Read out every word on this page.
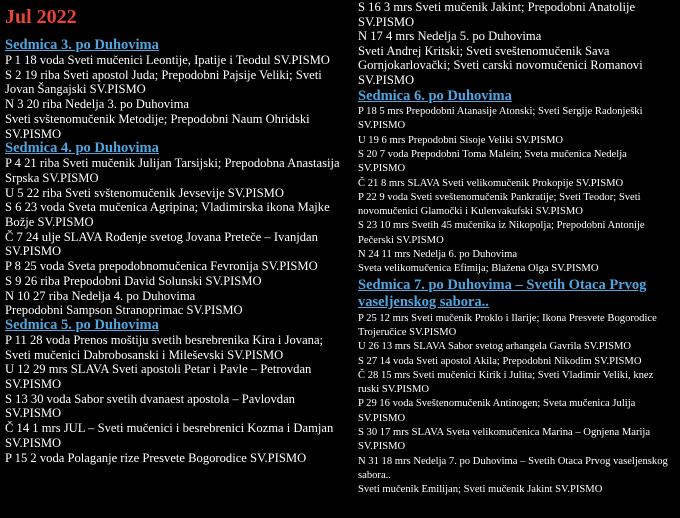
Jul 2022
Sedmica 3. po Duhovima
P 1 18 voda Sveti mučenici Leontije, Ipatije i Teodul SV.PISMO
S 2 19 riba Sveti apostol Juda; Prepodobni Pajsije Veliki; Sveti Jovan Šangajski SV.PISMO
N 3 20 riba Nedelja 3. po Duhovima
Sveti svštenomučenik Metodije; Prepodobni Naum Ohridski SV.PISMO
Sedmica 4. po Duhovima
P 4 21 riba Sveti mučenik Julijan Tarsijski; Prepodobna Anastasija Srpska SV.PISMO
U 5 22 riba Sveti svštenomučenik Jevsevije SV.PISMO
S 6 23 voda Sveta mučenica Agripina; Vladimirska ikona Majke Božje SV.PISMO
Č 7 24 ulje SLAVA Rođenje svetog Jovana Preteče – Ivanjdan SV.PISMO
P 8 25 voda Sveta prepodobnomučenica Fevronija SV.PISMO
S 9 26 riba Prepodobni David Solunski SV.PISMO
N 10 27 riba Nedelja 4. po Duhovima
Prepodobni Sampson Stranoprimac SV.PISMO
Sedmica 5. po Duhovima
P 11 28 voda Prenos moštiju svetih besrebrenika Kira i Jovana; Sveti mučenici Dabrobosanski i Mileševski SV.PISMO
U 12 29 mrs SLAVA Sveti apostoli Petar i Pavle – Petrovdan SV.PISMO
S 13 30 voda Sabor svetih dvanaest apostola – Pavlovdan SV.PISMO
Č 14 1 mrs JUL – Sveti mučenici i besrebrenici Kozma i Damjan SV.PISMO
P 15 2 voda Polaganje rize Presvete Bogorodice SV.PISMO
S 16 3 mrs Sveti mučenik Jakint; Prepodobni Anatolije SV.PISMO
N 17 4 mrs Nedelja 5. po Duhovima
Sveti Andrej Kritski; Sveti sveštenomučenik Sava Gornjokarlovački; Sveti carski novomučenici Romanovi SV.PISMO
Sedmica 6. po Duhovima
P 18 5 mrs Prepodobni Atanasije Atonski; Sveti Sergije Radonješki SV.PISMO
U 19 6 mrs Prepodobni Sisoje Veliki SV.PISMO
S 20 7 voda Prepodobni Toma Malein; Sveta mučenica Nedelja SV.PISMO
Č 21 8 mrs SLAVA Sveti velikomučenik Prokopije SV.PISMO
P 22 9 voda Sveti sveštenomučenik Pankratije; Sveti Teodor; Sveti novomučenici Glamočki i Kulenvakufski SV.PISMO
S 23 10 mrs Svetih 45 mučenika iz Nikopolja; Prepodobni Antonije Pečerski SV.PISMO
N 24 11 mrs Nedelja 6. po Duhovima
Sveta velikomučenica Efimija; Blažena Olga SV.PISMO
Sedmica 7. po Duhovima – Svetih Otaca Prvog vaseljenskog sabora..
P 25 12 mrs Sveti mučenik Proklo i Ilarije; Ikona Presvete Bogorodice Trojeručice SV.PISMO
U 26 13 mrs SLAVA Sabor svetog arhangela Gavrila SV.PISMO
S 27 14 voda Sveti apostol Akila; Prepodobni Nikodim SV.PISMO
Č 28 15 mrs Sveti mučenici Kirik i Julita; Sveti Vladimir Veliki, knez ruski SV.PISMO
P 29 16 voda Sveštenomučenik Antinogen; Sveta mučenica Julija SV.PISMO
S 30 17 mrs SLAVA Sveta velikomučenica Marina – Ognjena Marija SV.PISMO
N 31 18 mrs Nedelja 7. po Duhovima – Svetih Otaca Prvog vaseljenskog sabora..
Sveti mučenik Emilijan; Sveti mučenik Jakint SV.PISMO
